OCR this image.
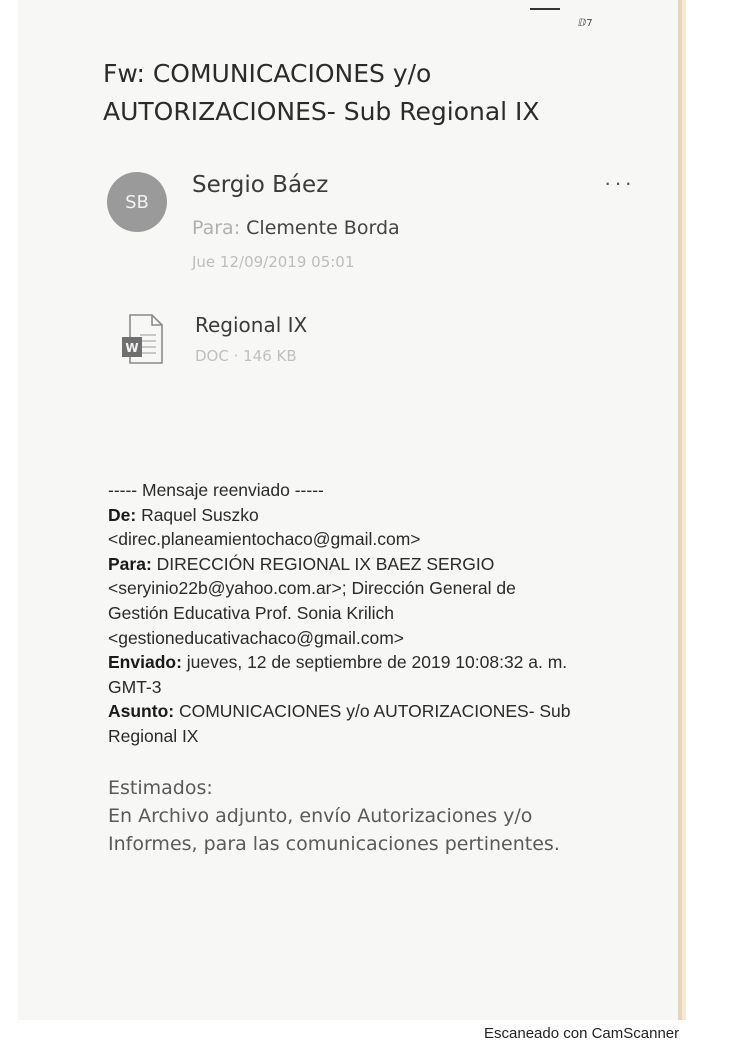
ⅅ7
Fw: COMUNICACIONES y/o AUTORIZACIONES- Sub Regional IX
SB
Sergio Báez
Para: Clemente Borda
Jue 12/09/2019 05:01
···
W
Regional IX
DOC · 146 KB

----- Mensaje reenviado -----

De: Raquel Suszko

<direc.planeamientochaco@gmail.com>

Para: DIRECCIÓN REGIONAL IX BAEZ SERGIO

<seryinio22b@yahoo.com.ar>; Dirección General de

Gestión Educativa Prof. Sonia Krilich

<gestioneducativachaco@gmail.com>

Enviado: jueves, 12 de septiembre de 2019 10:08:32 a. m.

GMT-3

Asunto: COMUNICACIONES y/o AUTORIZACIONES- Sub

Regional IX

Estimados:

En Archivo adjunto, envío Autorizaciones y/o

Informes, para las comunicaciones pertinentes.

Escaneado con CamScanner
